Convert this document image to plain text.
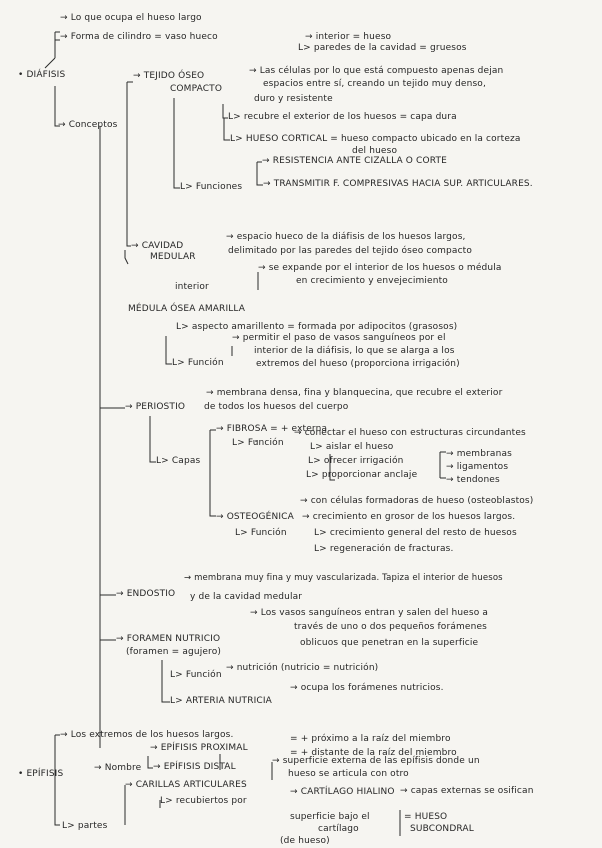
• DIÁFISIS
→ Lo que ocupa el hueso largo
→ Forma de cilindro = vaso hueco	→ interior = hueso
L> paredes de la cavidad = gruesos
→ Conceptos
→ TEJIDO ÓSEO
COMPACTO
→ Las células por lo que está compuesto apenas dejan
espacios entre sí, creando un tejido muy denso,
duro y resistente
L> recubre el exterior de los huesos = capa dura
L> HUESO CORTICAL = hueso compacto ubicado en la corteza
del hueso
L> Funciones
→ RESISTENCIA ANTE CIZALLA O CORTE
→ TRANSMITIR F. COMPRESIVAS HACIA SUP. ARTICULARES.
→ CAVIDAD
MEDULAR
→ espacio hueco de la diáfisis de los huesos largos,
delimitado por las paredes del tejido óseo compacto
interior
→ se expande por el interior de los huesos o médula
en crecimiento y envejecimiento
MÉDULA ÓSEA AMARILLA
L> aspecto amarillento = formada por adipocitos (grasosos)
L> Función
→ permitir el paso de vasos sanguíneos por el
interior de la diáfisis, lo que se alarga a los
extremos del hueso (proporciona irrigación)
→ PERIOSTIO
→ membrana densa, fina y blanquecina, que recubre el exterior
de todos los huesos del cuerpo
L> Capas
→ FIBROSA = + externa
L> Función
→ conectar el hueso con estructuras circundantes
L> aislar el hueso
L> ofrecer irrigación
L> proporcionar anclaje
→ membranas
→ ligamentos
→ tendones
→ OSTEOGÉNICA
→ con células formadoras de hueso (osteoblastos)
L> Función
→ crecimiento en grosor de los huesos largos.
L> crecimiento general del resto de huesos
L> regeneración de fracturas.
→ ENDOSTIO
→ membrana muy fina y muy vascularizada. Tapiza el interior de huesos
y de la cavidad medular
→ FORAMEN NUTRICIO
(foramen = agujero)
→ Los vasos sanguíneos entran y salen del hueso a
través de uno o dos pequeños forámenes
oblicuos que penetran en la superficie
L> Función
→ nutrición (nutricio = nutrición)
L> ARTERIA NUTRICIA
→ ocupa los forámenes nutricios.
• EPÍFISIS
→ Los extremos de los huesos largos.
→ Nombre
→ EPÍFISIS PROXIMAL
= + próximo a la raíz del miembro
→ EPÍFISIS DISTAL
= + distante de la raíz del miembro
→ superficie externa de las epífisis donde un
hueso se articula con otro
→ CARILLAS ARTICULARES
L> recubiertos por
→ CARTÍLAGO HIALINO → capas externas se osifican
L> partes
superficie bajo el
cartílago
(de hueso)
= HUESO
SUBCONDRAL
